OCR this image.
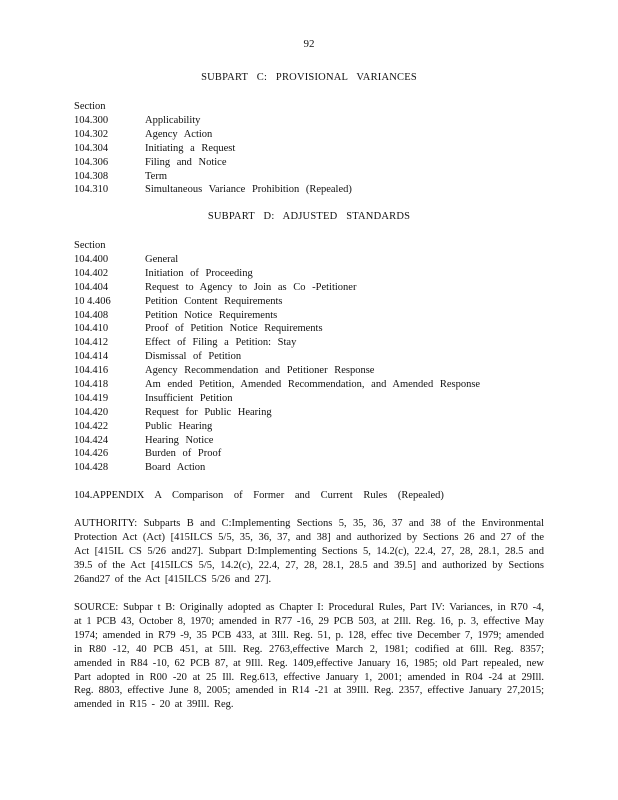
92
SUBPART C: PROVISIONAL VARIANCES
Section
104.300	Applicability
104.302	Agency Action
104.304	Initiating a Request
104.306	Filing and Notice
104.308	Term
104.310	Simultaneous Variance Prohibition (Repealed)
SUBPART D: ADJUSTED STANDARDS
Section
104.400	General
104.402	Initiation of Proceeding
104.404	Request to Agency to Join as Co -Petitioner
10 4.406	Petition Content Requirements
104.408	Petition Notice Requirements
104.410	Proof of Petition Notice Requirements
104.412	Effect of Filing a Petition: Stay
104.414	Dismissal of Petition
104.416	Agency Recommendation and Petitioner Response
104.418	Am ended Petition, Amended Recommendation, and Amended Response
104.419	Insufficient Petition
104.420	Request for Public Hearing
104.422	Public Hearing
104.424	Hearing Notice
104.426	Burden of Proof
104.428	Board Action
104.APPENDIX A Comparison of Former and Current Rules (Repealed)
AUTHORITY: Subparts B and C:Implementing Sections 5, 35, 36, 37 and 38 of the Environmental Protection Act (Act) [415ILCS 5/5, 35, 36, 37, and 38] and authorized by Sections 26 and 27 of the Act [415IL CS 5/26 and27]. Subpart D:Implementing Sections 5, 14.2(c), 22.4, 27, 28, 28.1, 28.5 and 39.5 of the Act [415ILCS 5/5, 14.2(c), 22.4, 27, 28, 28.1, 28.5 and 39.5] and authorized by Sections 26and27 of the Act [415ILCS 5/26 and 27].
SOURCE: Subpar t B: Originally adopted as Chapter I: Procedural Rules, Part IV: Variances, in R70 -4, at 1 PCB 43, October 8, 1970; amended in R77 -16, 29 PCB 503, at 2Ill. Reg. 16, p. 3, effective May 1974; amended in R79 -9, 35 PCB 433, at 3Ill. Reg. 51, p. 128, effec tive December 7, 1979; amended in R80 -12, 40 PCB 451, at 5Ill. Reg. 2763,effective March 2, 1981; codified at 6Ill. Reg. 8357; amended in R84 -10, 62 PCB 87, at 9Ill. Reg. 1409,effective January 16, 1985; old Part repealed, new Part adopted in R00 -20 at 25 Ill. Reg.613, effective January 1, 2001; amended in R04 -24 at 29Ill. Reg. 8803, effective June 8, 2005; amended in R14 -21 at 39Ill. Reg. 2357, effective January 27,2015; amended in R15 - 20 at 39Ill. Reg.
